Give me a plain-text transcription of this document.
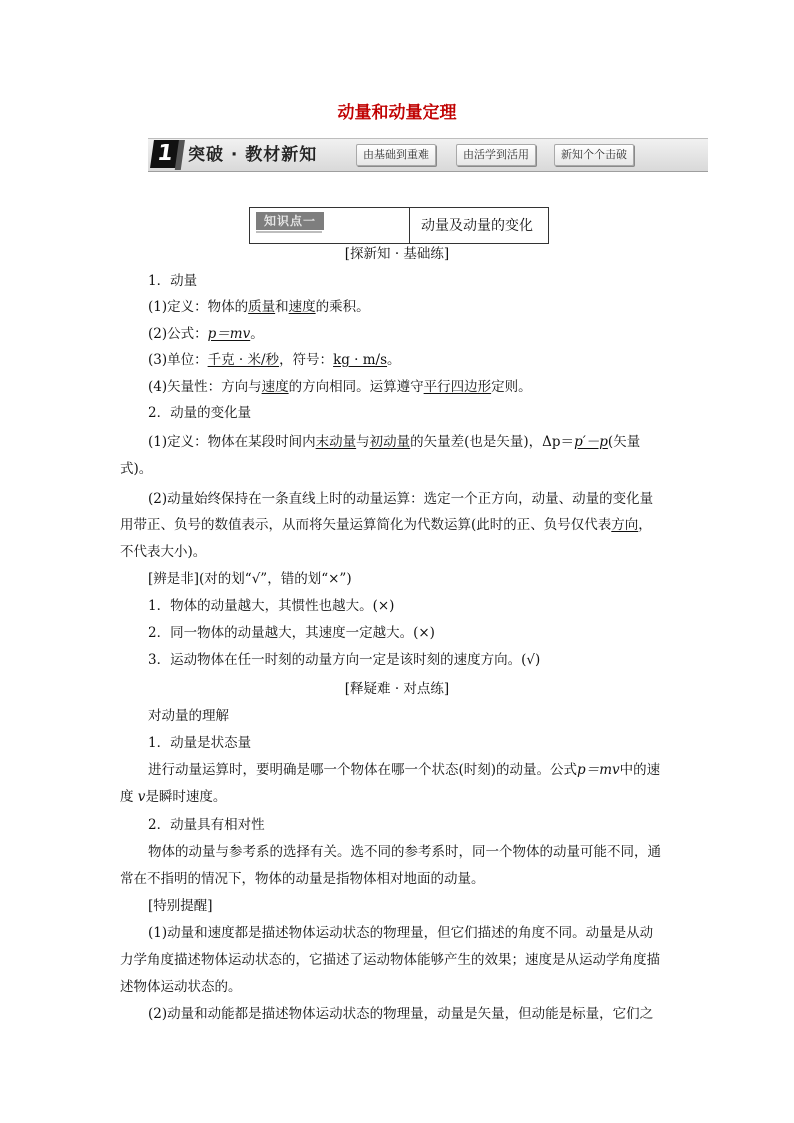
动量和动量定理
1 突破 · 教材新知	由基础到重难	由活学到活用	新知个个击破
知识点一	动量及动量的变化
[探新知 · 基础练]
1．动量
(1)定义：物体的质量和速度的乘积。
(2)公式：p＝mv。
(3)单位：千克 · 米/秒，符号：kg · m/s。
(4)矢量性：方向与速度的方向相同。运算遵守平行四边形定则。
2．动量的变化量
(1)定义：物体在某段时间内末动量与初动量的矢量差(也是矢量)，Δp＝p′－p(矢量
式)。
(2)动量始终保持在一条直线上时的动量运算：选定一个正方向，动量、动量的变化量
用带正、负号的数值表示，从而将矢量运算简化为代数运算(此时的正、负号仅代表方向，
不代表大小)。
[辨是非](对的划“√”，错的划“×”)
1．物体的动量越大，其惯性也越大。(×)
2．同一物体的动量越大，其速度一定越大。(×)
3．运动物体在任一时刻的动量方向一定是该时刻的速度方向。(√)
[释疑难 · 对点练]
对动量的理解
1．动量是状态量
进行动量运算时，要明确是哪一个物体在哪一个状态(时刻)的动量。公式p＝mv中的速
度 v是瞬时速度。
2．动量具有相对性
物体的动量与参考系的选择有关。选不同的参考系时，同一个物体的动量可能不同，通
常在不指明的情况下，物体的动量是指物体相对地面的动量。
[特别提醒]
(1)动量和速度都是描述物体运动状态的物理量，但它们描述的角度不同。动量是从动
力学角度描述物体运动状态的，它描述了运动物体能够产生的效果；速度是从运动学角度描
述物体运动状态的。
(2)动量和动能都是描述物体运动状态的物理量，动量是矢量，但动能是标量，它们之
